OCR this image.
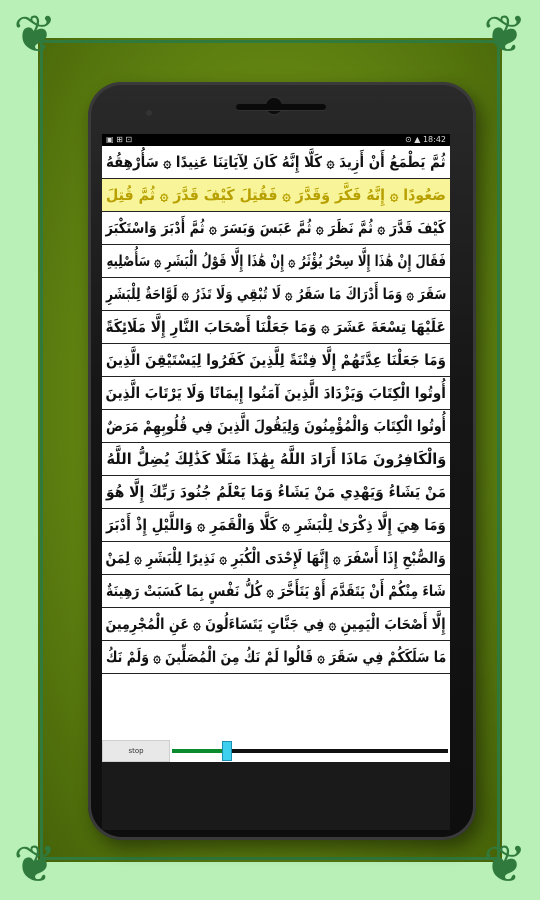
❦	❦
❦	❦
▣ ⊞ ⊡	⊙ ▲ 18:42
ثُمَّ يَطْمَعُ أَنْ أَزِيدَ ۞ كَلَّا إِنَّهُ كَانَ لِآيَاتِنَا عَنِيدًا ۞ سَأُرْهِقُهُ
صَعُودًا ۞ إِنَّهُ فَكَّرَ وَقَدَّرَ ۞ فَقُتِلَ كَيْفَ قَدَّرَ ۞ ثُمَّ قُتِلَ
كَيْفَ قَدَّرَ ۞ ثُمَّ نَظَرَ ۞ ثُمَّ عَبَسَ وَبَسَرَ ۞ ثُمَّ أَدْبَرَ وَاسْتَكْبَرَ
فَقَالَ إِنْ هَٰذَا إِلَّا سِحْرٌ يُؤْثَرُ ۞ إِنْ هَٰذَا إِلَّا قَوْلُ الْبَشَرِ ۞ سَأُصْلِيهِ
سَقَرَ ۞ وَمَا أَدْرَاكَ مَا سَقَرُ ۞ لَا تُبْقِي وَلَا تَذَرُ ۞ لَوَّاحَةٌ لِلْبَشَرِ
عَلَيْهَا تِسْعَةَ عَشَرَ ۞ وَمَا جَعَلْنَا أَصْحَابَ النَّارِ إِلَّا مَلَائِكَةً
وَمَا جَعَلْنَا عِدَّتَهُمْ إِلَّا فِتْنَةً لِلَّذِينَ كَفَرُوا لِيَسْتَيْقِنَ الَّذِينَ
أُوتُوا الْكِتَابَ وَيَزْدَادَ الَّذِينَ آمَنُوا إِيمَانًا وَلَا يَرْتَابَ الَّذِينَ
أُوتُوا الْكِتَابَ وَالْمُؤْمِنُونَ وَلِيَقُولَ الَّذِينَ فِي قُلُوبِهِمْ مَرَضٌ
وَالْكَافِرُونَ مَاذَا أَرَادَ اللَّهُ بِهَٰذَا مَثَلًا كَذَٰلِكَ يُضِلُّ اللَّهُ
مَنْ يَشَاءُ وَيَهْدِي مَنْ يَشَاءُ وَمَا يَعْلَمُ جُنُودَ رَبِّكَ إِلَّا هُوَ
وَمَا هِيَ إِلَّا ذِكْرَىٰ لِلْبَشَرِ ۞ كَلَّا وَالْقَمَرِ ۞ وَاللَّيْلِ إِذْ أَدْبَرَ
وَالصُّبْحِ إِذَا أَسْفَرَ ۞ إِنَّهَا لَإِحْدَى الْكُبَرِ ۞ نَذِيرًا لِلْبَشَرِ ۞ لِمَنْ
شَاءَ مِنْكُمْ أَنْ يَتَقَدَّمَ أَوْ يَتَأَخَّرَ ۞ كُلُّ نَفْسٍ بِمَا كَسَبَتْ رَهِينَةٌ
إِلَّا أَصْحَابَ الْيَمِينِ ۞ فِي جَنَّاتٍ يَتَسَاءَلُونَ ۞ عَنِ الْمُجْرِمِينَ
مَا سَلَكَكُمْ فِي سَقَرَ ۞ قَالُوا لَمْ نَكُ مِنَ الْمُصَلِّينَ ۞ وَلَمْ نَكُ
stop
